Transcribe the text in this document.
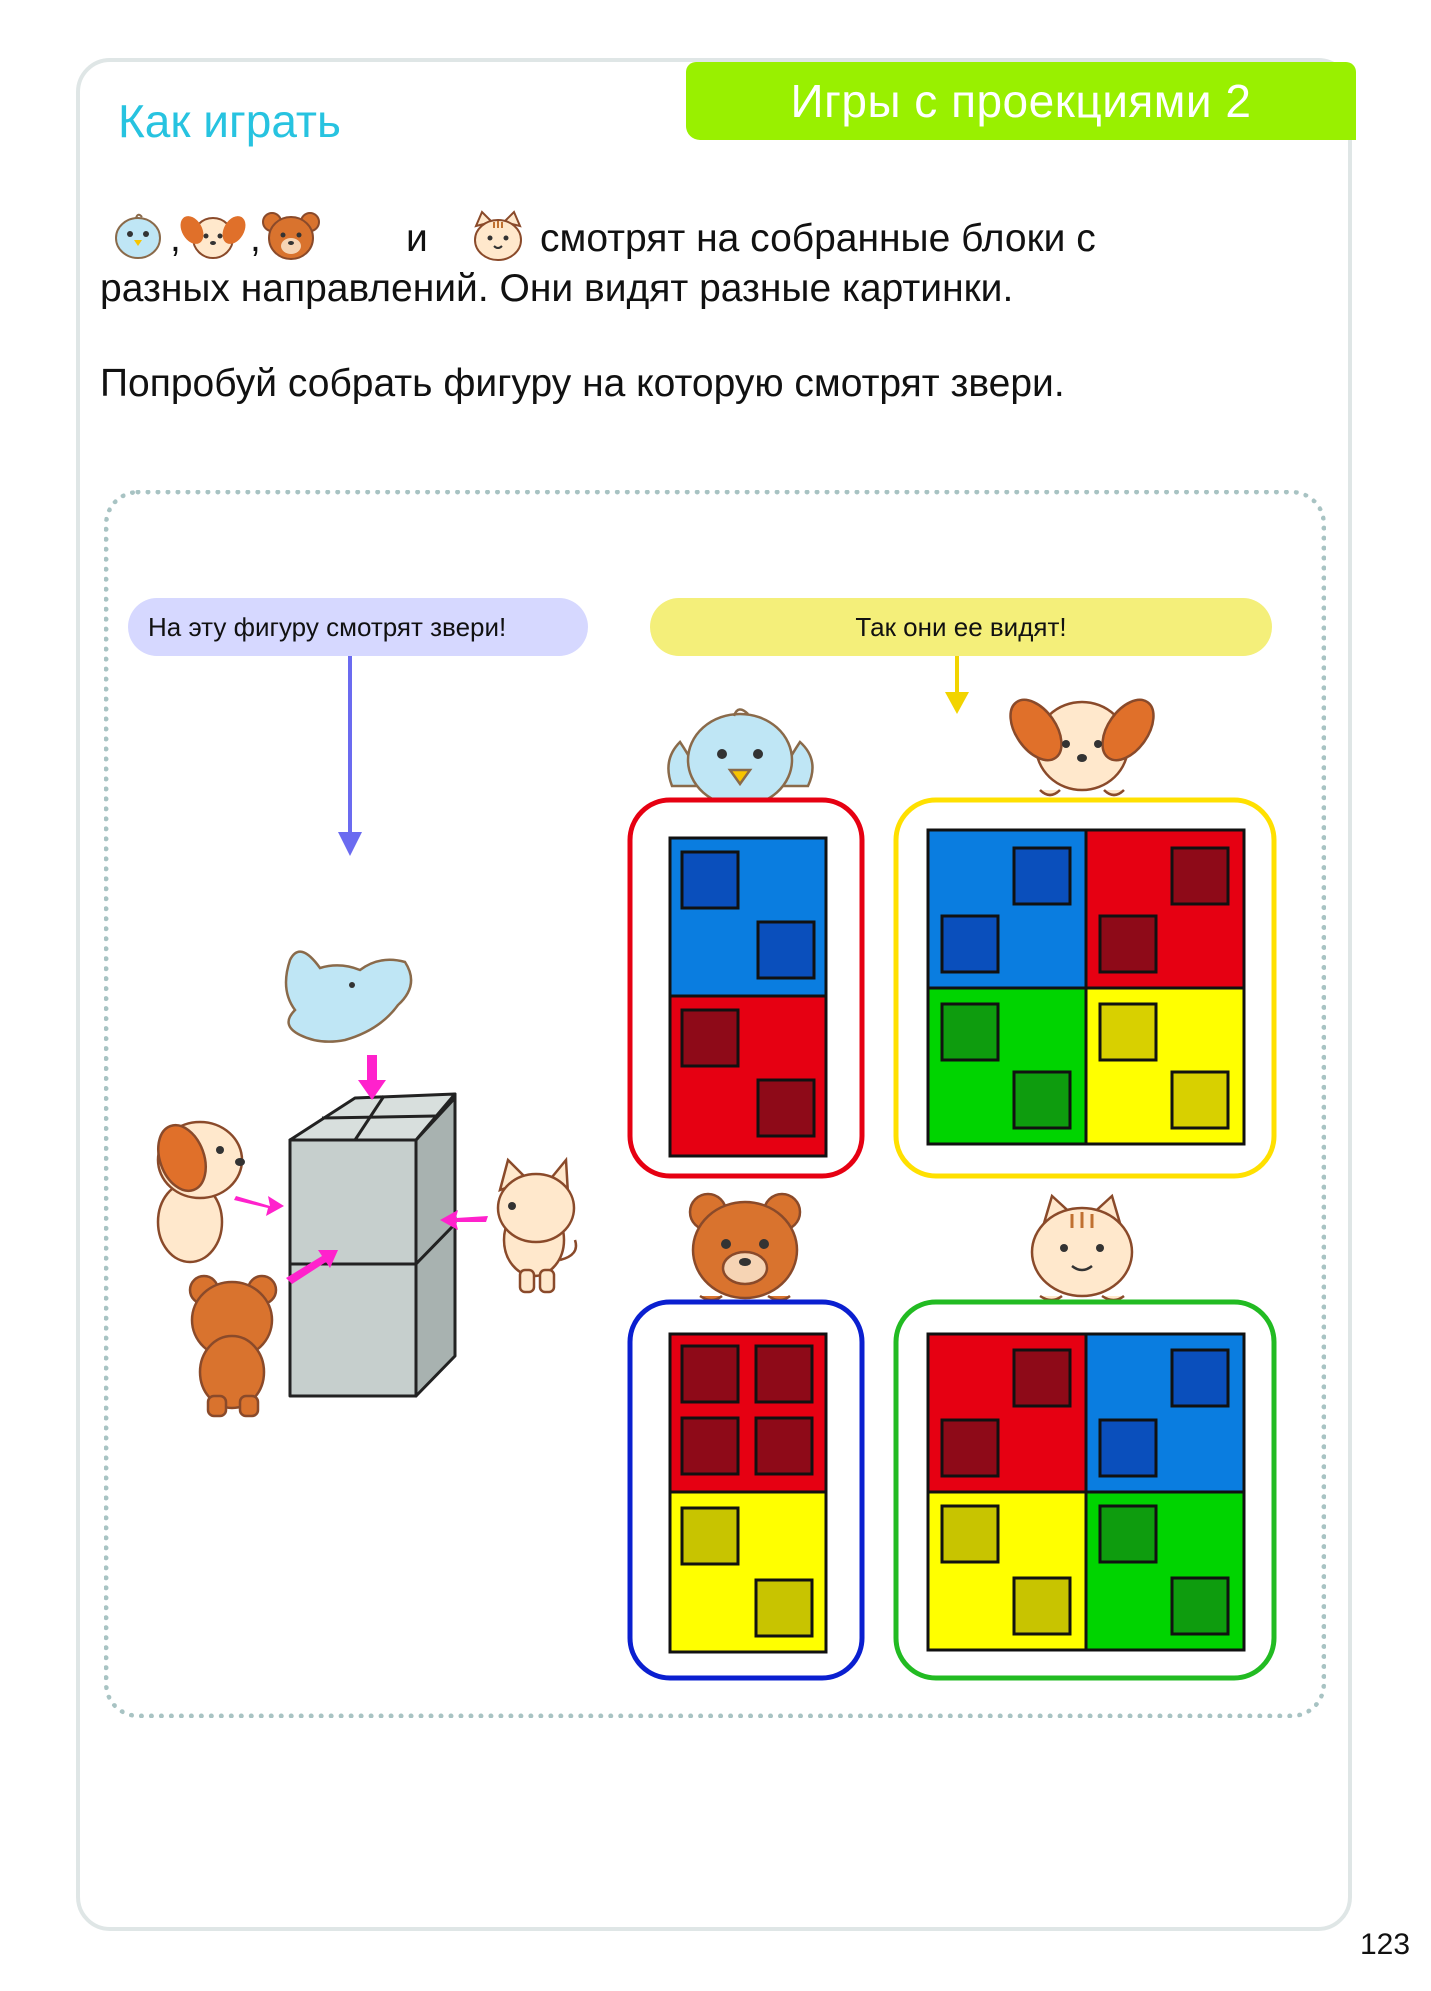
Игры с проекциями 2
Как играть
, ,	и	смотрят на собранные блоки с
разных направлений. Они видят разные картинки.
Попробуй собрать фигуру на которую смотрят звери.
На эту фигуру смотрят звери!	Так они ее видят!
123
